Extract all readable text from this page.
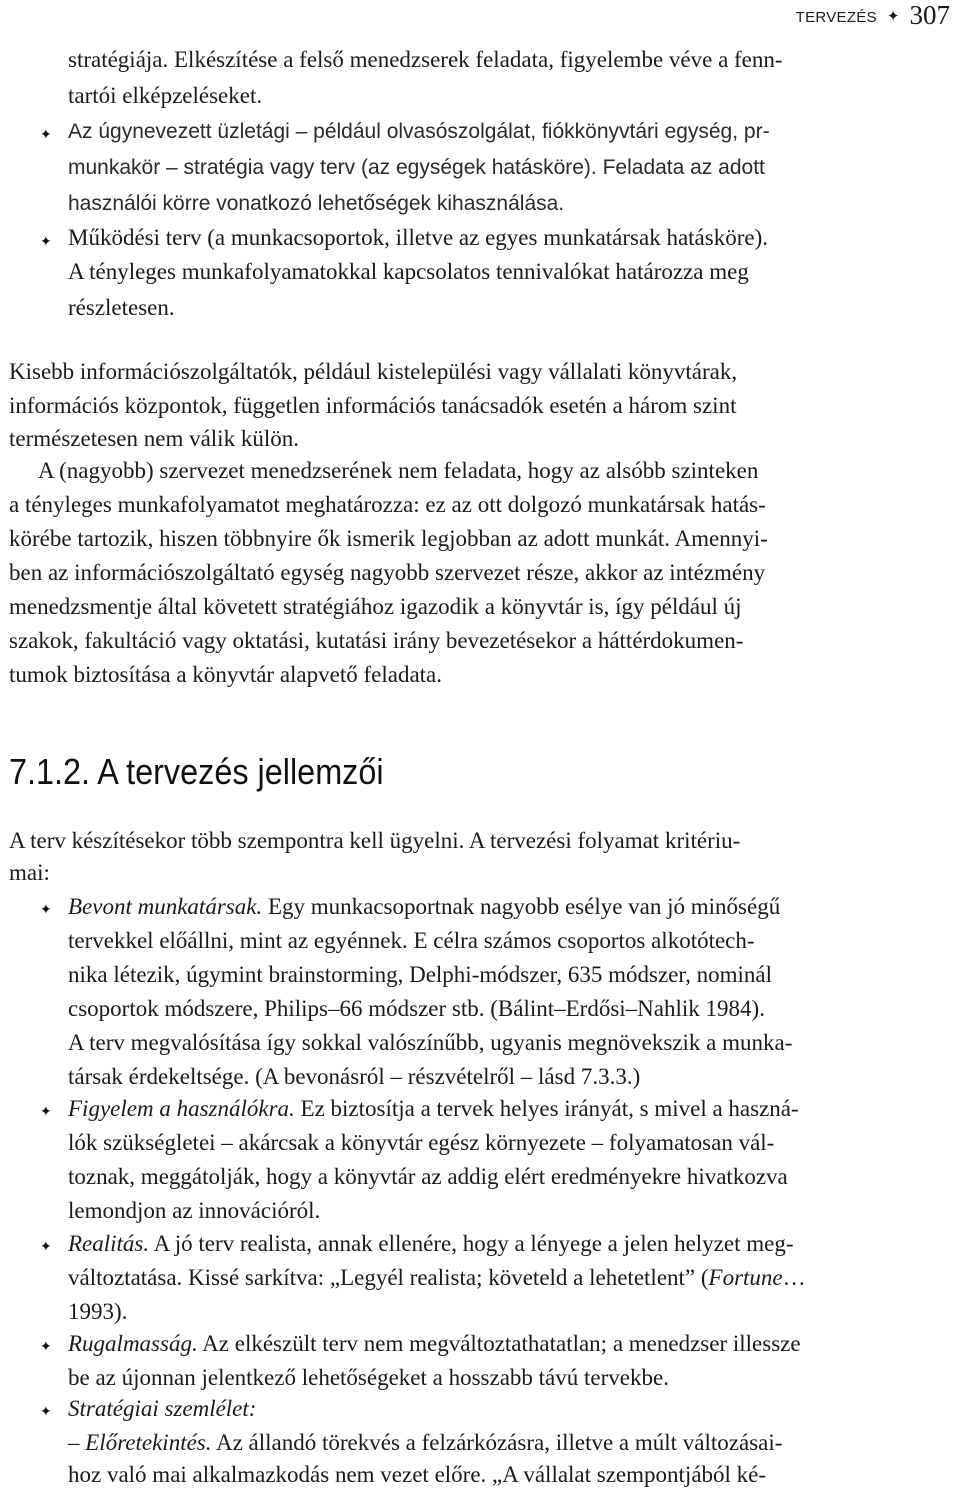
TERVEZÉS ✦ 307
stratégiája. Elkészítése a felső menedzserek feladata, figyelembe véve a fenn-
tartói elképzeléseket.
✦ Az úgynevezett üzletági – például olvasószolgálat, fiókkönyvtári egység, pr-
munkakör – stratégia vagy terv (az egységek hatásköre). Feladata az adott
használói körre vonatkozó lehetőségek kihasználása.
✦ Működési terv (a munkacsoportok, illetve az egyes munkatársak hatásköre).
A tényleges munkafolyamatokkal kapcsolatos tennivalókat határozza meg
részletesen.
Kisebb információszolgáltatók, például kistelepülési vagy vállalati könyvtárak,
információs központok, független információs tanácsadók esetén a három szint
természetesen nem válik külön.
A (nagyobb) szervezet menedzserének nem feladata, hogy az alsóbb szinteken
a tényleges munkafolyamatot meghatározza: ez az ott dolgozó munkatársak hatás-
körébe tartozik, hiszen többnyire ők ismerik legjobban az adott munkát. Amennyi-
ben az információszolgáltató egység nagyobb szervezet része, akkor az intézmény
menedzsmentje által követett stratégiához igazodik a könyvtár is, így például új
szakok, fakultáció vagy oktatási, kutatási irány bevezetésekor a háttérdokumen-
tumok biztosítása a könyvtár alapvető feladata.
7.1.2. A tervezés jellemzői
A terv készítésekor több szempontra kell ügyelni. A tervezési folyamat kritériu-
mai:
✦ Bevont munkatársak. Egy munkacsoportnak nagyobb esélye van jó minőségű
tervekkel előállni, mint az egyénnek. E célra számos csoportos alkotótech-
nika létezik, úgymint brainstorming, Delphi-módszer, 635 módszer, nominál
csoportok módszere, Philips–66 módszer stb. (Bálint–Erdősi–Nahlik 1984).
A terv megvalósítása így sokkal valószínűbb, ugyanis megnövekszik a munka-
társak érdekeltsége. (A bevonásról – részvételről – lásd 7.3.3.)
✦ Figyelem a használókra. Ez biztosítja a tervek helyes irányát, s mivel a haszná-
lók szükségletei – akárcsak a könyvtár egész környezete – folyamatosan vál-
toznak, meggátolják, hogy a könyvtár az addig elért eredményekre hivatkozva
lemondjon az innovációról.
✦ Realitás. A jó terv realista, annak ellenére, hogy a lényege a jelen helyzet meg-
változtatása. Kissé sarkítva: „Legyél realista; követeld a lehetetlent” (Fortune…
1993).
✦ Rugalmasság. Az elkészült terv nem megváltoztathatatlan; a menedzser illessze
be az újonnan jelentkező lehetőségeket a hosszabb távú tervekbe.
✦ Stratégiai szemlélet:
– Előretekintés. Az állandó törekvés a felzárkózásra, illetve a múlt változásai-
hoz való mai alkalmazkodás nem vezet előre. „A vállalat szempontjából ké-
